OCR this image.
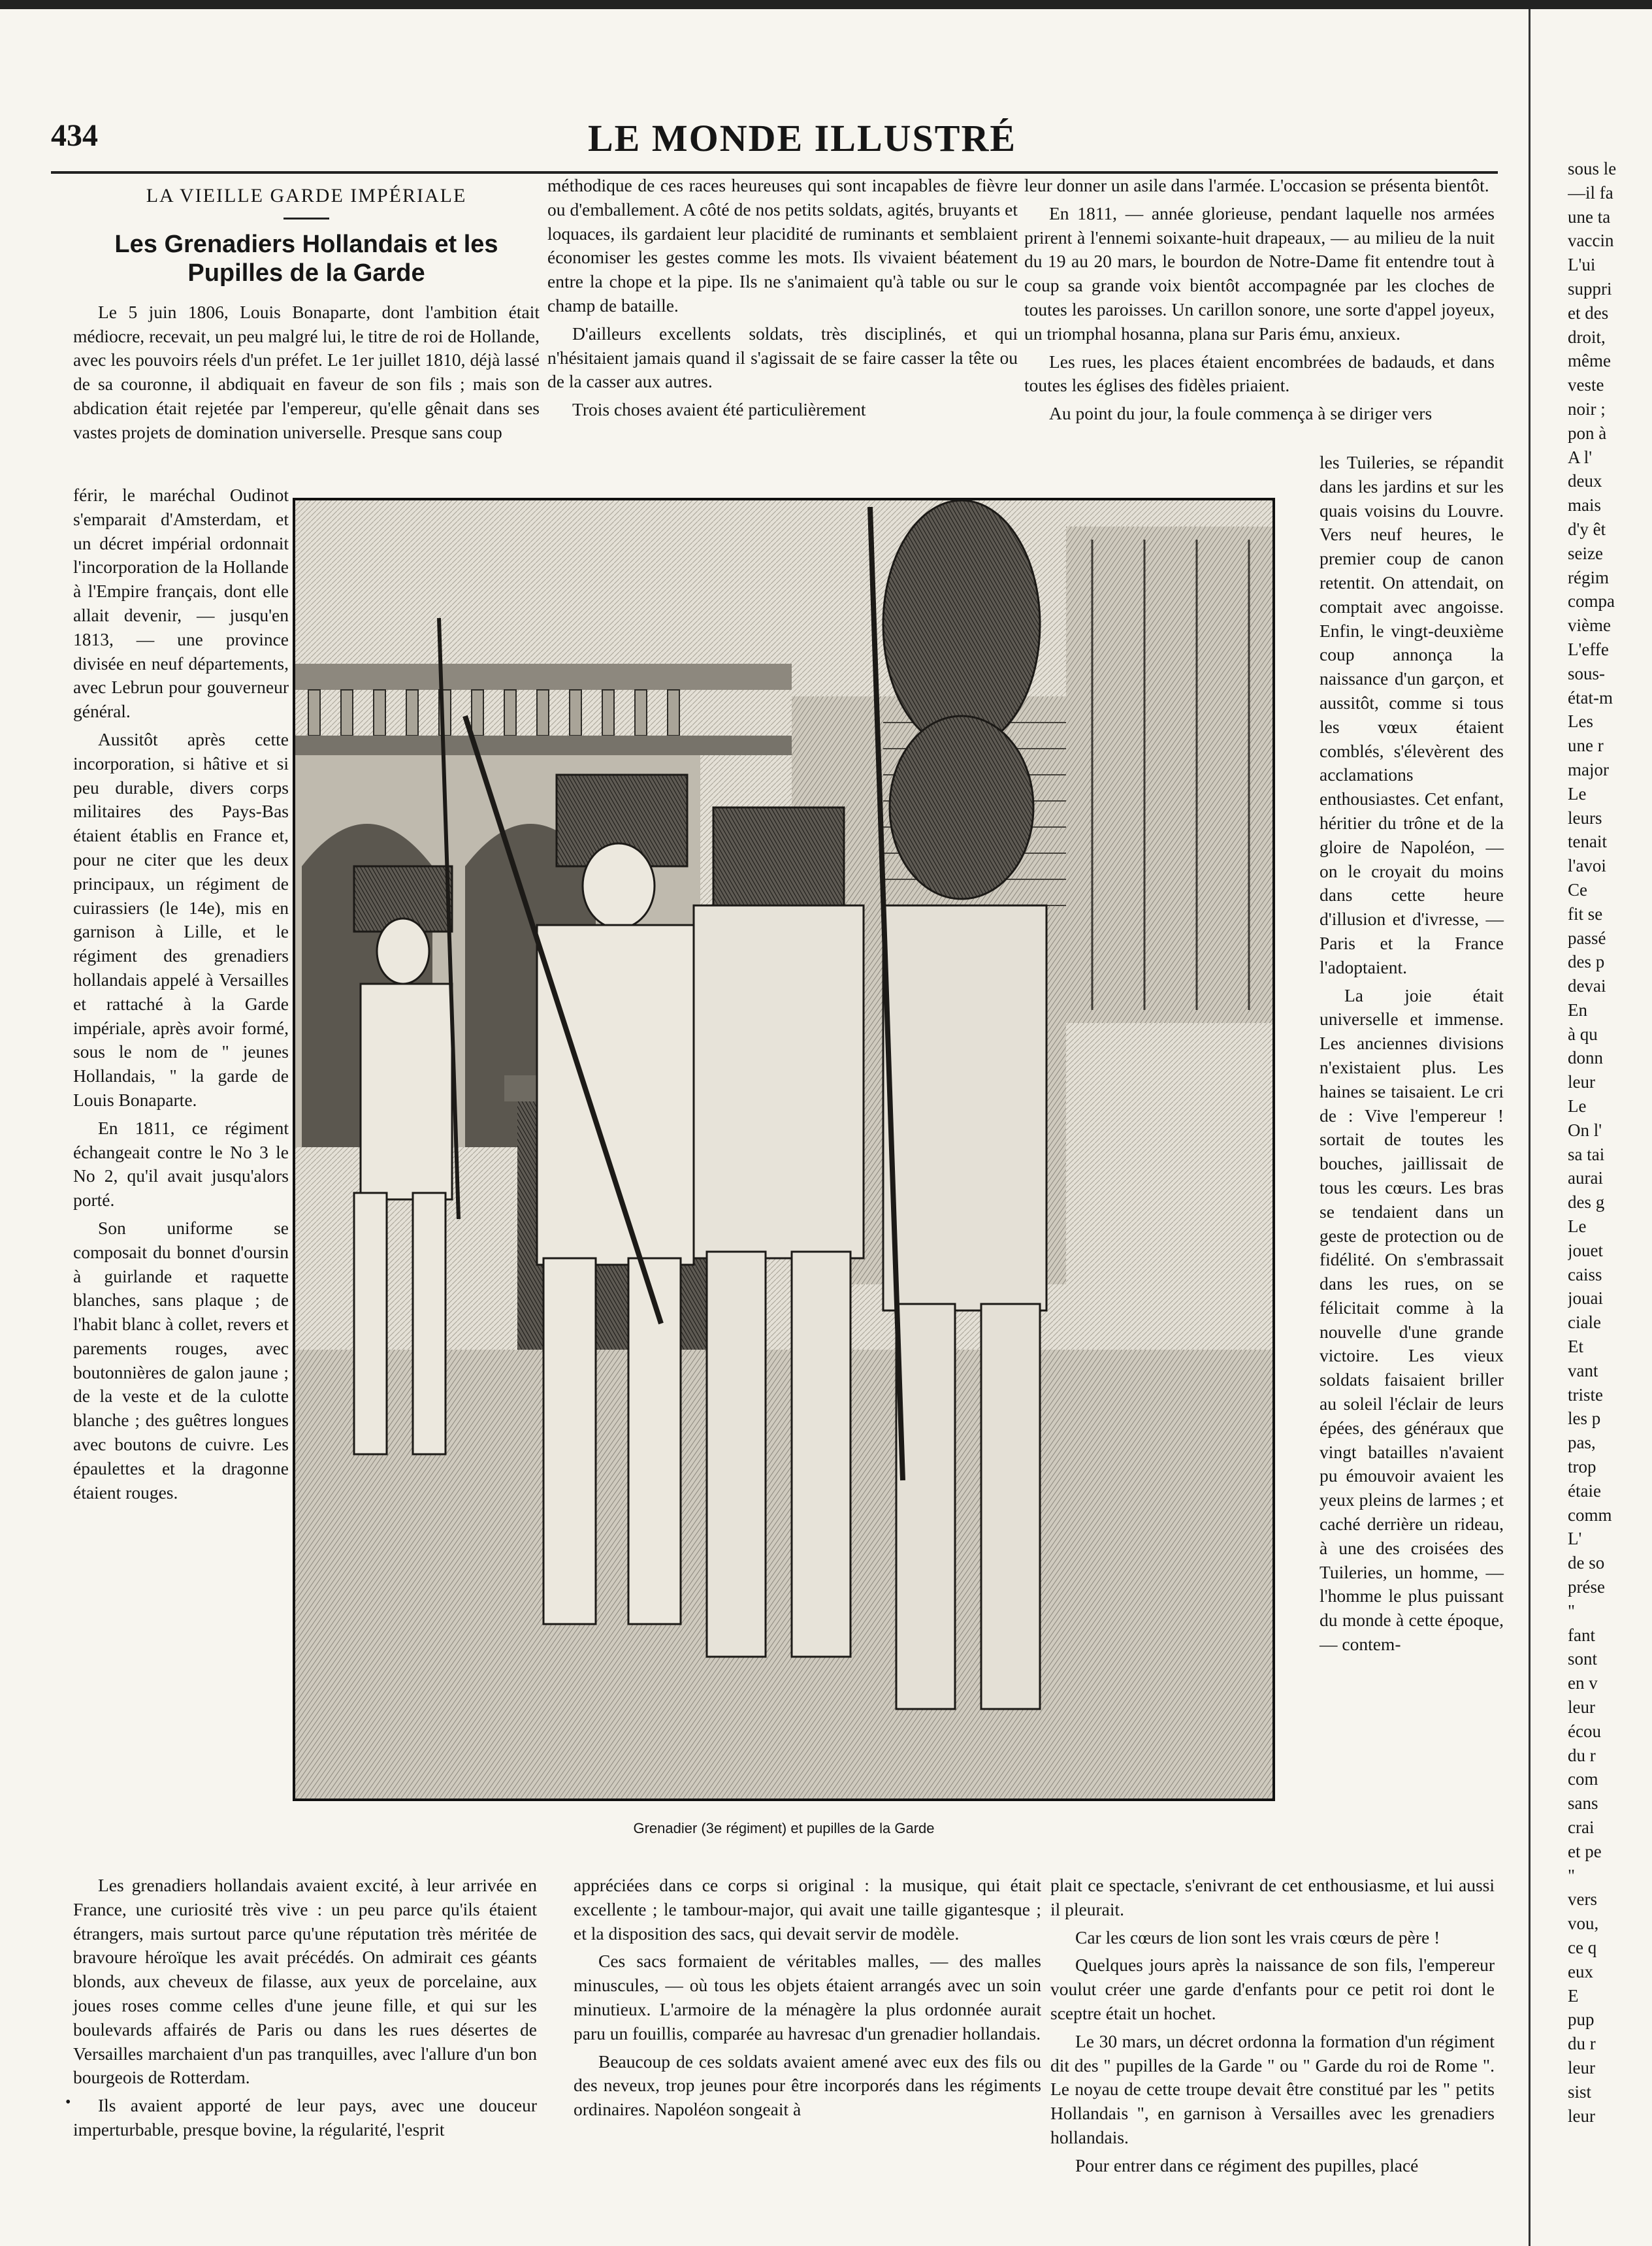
434	LE MONDE ILLUSTRÉ
LA VIEILLE GARDE IMPÉRIALE
Les Grenadiers Hollandais et les Pupilles de la Garde

Le 5 juin 1806, Louis Bonaparte, dont l'ambition était médiocre, recevait, un peu malgré lui, le titre de roi de Hollande, avec les pouvoirs réels d'un préfet. Le 1er juillet 1810, déjà lassé de sa couronne, il abdiquait en faveur de son fils ; mais son abdication était rejetée par l'empereur, qu'elle gênait dans ses vastes projets de domination universelle. Presque sans coup

férir, le maréchal Oudinot s'emparait d'Amsterdam, et un décret impérial ordonnait l'incorporation de la Hollande à l'Empire français, dont elle allait devenir, — jusqu'en 1813, — une province divisée en neuf départements, avec Lebrun pour gouverneur général.

Aussitôt après cette incorporation, si hâtive et si peu durable, divers corps militaires des Pays-Bas étaient établis en France et, pour ne citer que les deux principaux, un régiment de cuirassiers (le 14e), mis en garnison à Lille, et le régiment des grenadiers hollandais appelé à Versailles et rattaché à la Garde impériale, après avoir formé, sous le nom de " jeunes Hollandais, " la garde de Louis Bonaparte.

En 1811, ce régiment échangeait contre le No 3 le No 2, qu'il avait jusqu'alors porté.

Son uniforme se composait du bonnet d'oursin à guirlande et raquette blanches, sans plaque ; de l'habit blanc à collet, revers et parements rouges, avec boutonnières de galon jaune ; de la veste et de la culotte blanche ; des guêtres longues avec boutons de cuivre. Les épaulettes et la dragonne étaient rouges.

méthodique de ces races heureuses qui sont incapables de fièvre ou d'emballement. A côté de nos petits soldats, agités, bruyants et loquaces, ils gardaient leur placidité de ruminants et semblaient économiser les gestes comme les mots. Ils vivaient béatement entre la chope et la pipe. Ils ne s'animaient qu'à table ou sur le champ de bataille.

D'ailleurs excellents soldats, très disciplinés, et qui n'hésitaient jamais quand il s'agissait de se faire casser la tête ou de la casser aux autres.

Trois choses avaient été particulièrement

leur donner un asile dans l'armée. L'occasion se présenta bientôt.

En 1811, — année glorieuse, pendant laquelle nos armées prirent à l'ennemi soixante-huit drapeaux, — au milieu de la nuit du 19 au 20 mars, le bourdon de Notre-Dame fit entendre tout à coup sa grande voix bientôt accompagnée par les cloches de toutes les paroisses. Un carillon sonore, une sorte d'appel joyeux, un triomphal hosanna, plana sur Paris ému, anxieux.

Les rues, les places étaient encombrées de badauds, et dans toutes les églises des fidèles priaient.

Au point du jour, la foule commença à se diriger vers

les Tuileries, se répandit dans les jardins et sur les quais voisins du Louvre. Vers neuf heures, le premier coup de canon retentit. On attendait, on comptait avec angoisse. Enfin, le vingt-deuxième coup annonça la naissance d'un garçon, et aussitôt, comme si tous les vœux étaient comblés, s'élevèrent des acclamations enthousiastes. Cet enfant, héritier du trône et de la gloire de Napoléon, — on le croyait du moins dans cette heure d'illusion et d'ivresse, — Paris et la France l'adoptaient.

La joie était universelle et immense. Les anciennes divisions n'existaient plus. Les haines se taisaient. Le cri de : Vive l'empereur ! sortait de toutes les bouches, jaillissait de tous les cœurs. Les bras se tendaient dans un geste de protection ou de fidélité. On s'embrassait dans les rues, on se félicitait comme à la nouvelle d'une grande victoire. Les vieux soldats faisaient briller au soleil l'éclair de leurs épées, des généraux que vingt batailles n'avaient pu émouvoir avaient les yeux pleins de larmes ; et caché derrière un rideau, à une des croisées des Tuileries, un homme, — l'homme le plus puissant du monde à cette époque, — contem-

Grenadier (3e régiment) et pupilles de la Garde

Les grenadiers hollandais avaient excité, à leur arrivée en France, une curiosité très vive : un peu parce qu'ils étaient étrangers, mais surtout parce qu'une réputation très méritée de bravoure héroïque les avait précédés. On admirait ces géants blonds, aux cheveux de filasse, aux yeux de porcelaine, aux joues roses comme celles d'une jeune fille, et qui sur les boulevards affairés de Paris ou dans les rues désertes de Versailles marchaient d'un pas tranquilles, avec l'allure d'un bon bourgeois de Rotterdam.

Ils avaient apporté de leur pays, avec une douceur imperturbable, presque bovine, la régularité, l'esprit

appréciées dans ce corps si original : la musique, qui était excellente ; le tambour-major, qui avait une taille gigantesque ; et la disposition des sacs, qui devait servir de modèle.

Ces sacs formaient de véritables malles, — des malles minuscules, — où tous les objets étaient arrangés avec un soin minutieux. L'armoire de la ménagère la plus ordonnée aurait paru un fouillis, comparée au havresac d'un grenadier hollandais.

Beaucoup de ces soldats avaient amené avec eux des fils ou des neveux, trop jeunes pour être incorporés dans les régiments ordinaires. Napoléon songeait à

plait ce spectacle, s'enivrant de cet enthousiasme, et lui aussi il pleurait.

Car les cœurs de lion sont les vrais cœurs de père !

Quelques jours après la naissance de son fils, l'empereur voulut créer une garde d'enfants pour ce petit roi dont le sceptre était un hochet.

Le 30 mars, un décret ordonna la formation d'un régiment dit des " pupilles de la Garde " ou " Garde du roi de Rome ". Le noyau de cette troupe devait être constitué par les " petits Hollandais ", en garnison à Versailles avec les grenadiers hollandais.

Pour entrer dans ce régiment des pupilles, placé

•
sous le
—il fa
une ta
vaccin
L'ui
suppri
et des
droit,
même
veste
noir ;
pon à
A l'
deux
mais
d'y êt
seize
régim
compa
vième
L'effe
sous-
état-m
Les
une r
major
Le
leurs
tenait
l'avoi
Ce
fit se
passé
des p
devai
En
à qu
donn
leur
Le
On l'
sa tai
aurai
des g
Le
jouet
caiss
jouai
ciale
Et
vant
triste
les p
pas,
trop
étaie
comm
L'
de so
prése
"
fant
sont
en v
leur
écou
du r
com
sans
crai
et pe
"
vers
vou,
ce q
eux
E
pup
du r
leur
sist
leur
